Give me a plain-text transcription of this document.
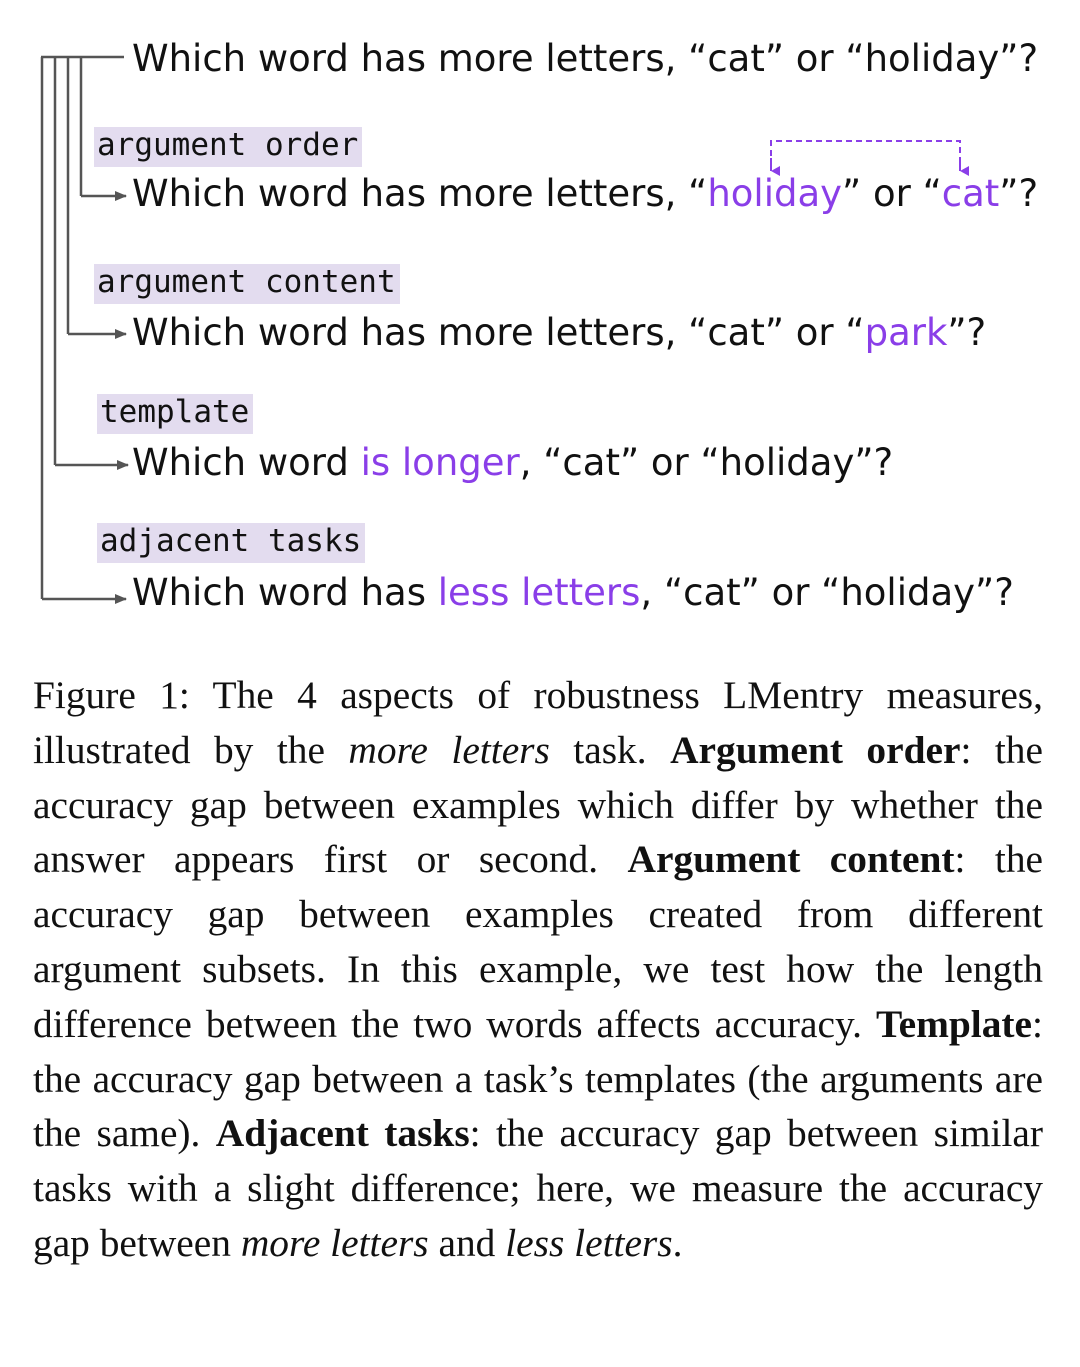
Which word has more letters, “cat” or “holiday”?
argument order
Which word has more letters, “holiday” or “cat”?
argument content
Which word has more letters, “cat” or “park”?
template
Which word is longer, “cat” or “holiday”?
adjacent tasks
Which word has less letters, “cat” or “holiday”?
Figure 1: The 4 aspects of robustness LMentry measures, illustrated by the more letters task. Argument order: the accuracy gap between examples which differ by whether the answer appears first or second. Argument content: the accuracy gap between examples created from different argument subsets. In this example, we test how the length difference between the two words affects accuracy. Template: the accuracy gap between a task’s templates (the arguments are the same). Adjacent tasks: the accuracy gap between similar tasks with a slight difference; here, we measure the accuracy gap between more letters and less letters.
